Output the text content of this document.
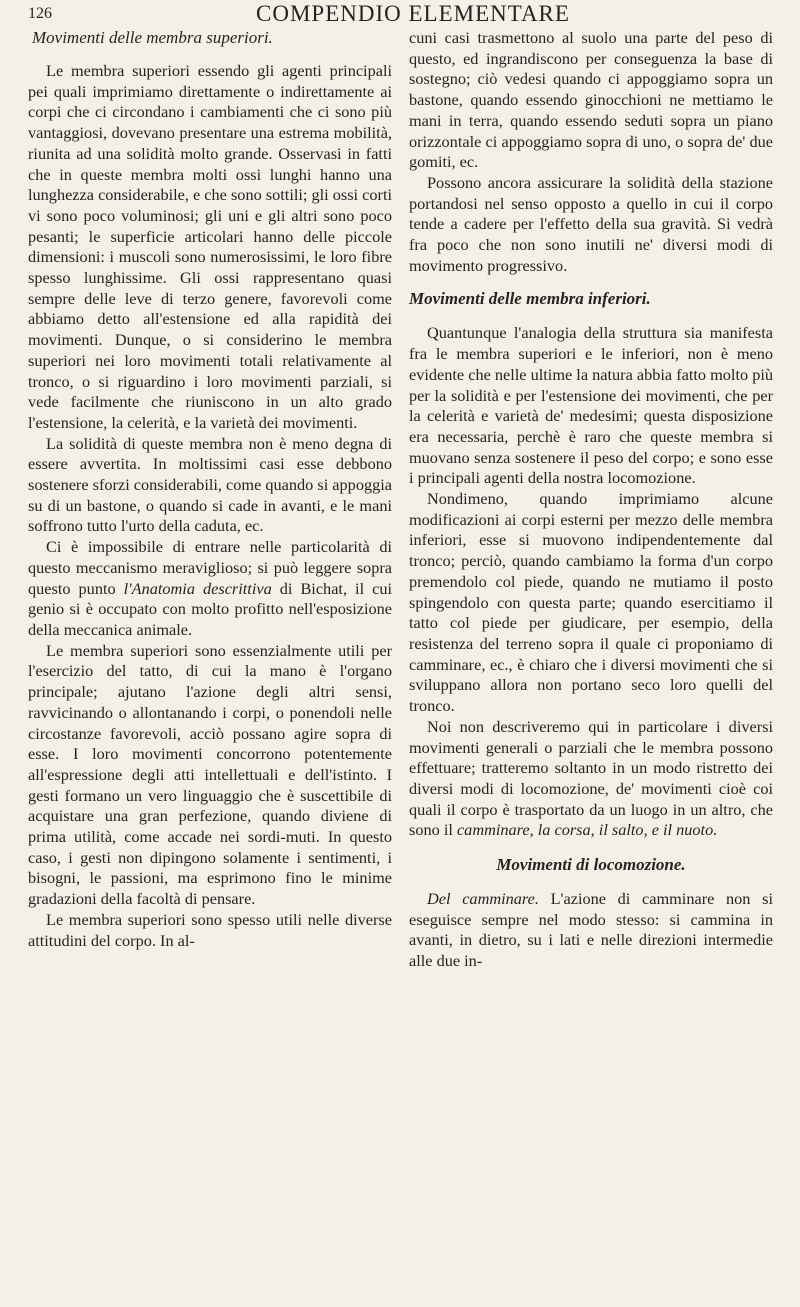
126	COMPENDIO ELEMENTARE
Movimenti delle membra superiori.

Le membra superiori essendo gli agenti principali pei quali imprimiamo direttamente o indirettamente ai corpi che ci circondano i cambiamenti che ci sono più vantaggiosi, dovevano presentare una estrema mobilità, riunita ad una solidità molto grande. Osservasi in fatti che in queste membra molti ossi lunghi hanno una lunghezza considerabile, e che sono sottili; gli ossi corti vi sono poco voluminosi; gli uni e gli altri sono poco pesanti; le superficie articolari hanno delle piccole dimensioni: i muscoli sono numerosissimi, le loro fibre spesso lunghissime. Gli ossi rappresentano quasi sempre delle leve di terzo genere, favorevoli come abbiamo detto all'estensione ed alla rapidità dei movimenti. Dunque, o si considerino le membra superiori nei loro movimenti totali relativamente al tronco, o si riguardino i loro movimenti parziali, si vede facilmente che riuniscono in un alto grado l'estensione, la celerità, e la varietà dei movimenti.

La solidità di queste membra non è meno degna di essere avvertita. In moltissimi casi esse debbono sostenere sforzi considerabili, come quando si appoggia su di un bastone, o quando si cade in avanti, e le mani soffrono tutto l'urto della caduta, ec.

Ci è impossibile di entrare nelle particolarità di questo meccanismo meraviglioso; si può leggere sopra questo punto l'Anatomia descrittiva di Bichat, il cui genio si è occupato con molto profitto nell'esposizione della meccanica animale.

Le membra superiori sono essenzialmente utili per l'esercizio del tatto, di cui la mano è l'organo principale; ajutano l'azione degli altri sensi, ravvicinando o allontanando i corpi, o ponendoli nelle circostanze favorevoli, acciò possano agire sopra di esse. I loro movimenti concorrono potentemente all'espressione degli atti intellettuali e dell'istinto. I gesti formano un vero linguaggio che è suscettibile di acquistare una gran perfezione, quando diviene di prima utilità, come accade nei sordi-muti. In questo caso, i gesti non dipingono solamente i sentimenti, i bisogni, le passioni, ma esprimono fino le minime gradazioni della facoltà di pensare.

Le membra superiori sono spesso utili nelle diverse attitudini del corpo. In al-

cuni casi trasmettono al suolo una parte del peso di questo, ed ingrandiscono per conseguenza la base di sostegno; ciò vedesi quando ci appoggiamo sopra un bastone, quando essendo ginocchioni ne mettiamo le mani in terra, quando essendo seduti sopra un piano orizzontale ci appoggiamo sopra di uno, o sopra de' due gomiti, ec.

Possono ancora assicurare la solidità della stazione portandosi nel senso opposto a quello in cui il corpo tende a cadere per l'effetto della sua gravità. Si vedrà fra poco che non sono inutili ne' diversi modi di movimento progressivo.

Movimenti delle membra inferiori.

Quantunque l'analogia della struttura sia manifesta fra le membra superiori e le inferiori, non è meno evidente che nelle ultime la natura abbia fatto molto più per la solidità e per l'estensione dei movimenti, che per la celerità e varietà de' medesimi; questa disposizione era necessaria, perchè è raro che queste membra si muovano senza sostenere il peso del corpo; e sono esse i principali agenti della nostra locomozione.

Nondimeno, quando imprimiamo alcune modificazioni ai corpi esterni per mezzo delle membra inferiori, esse si muovono indipendentemente dal tronco; perciò, quando cambiamo la forma d'un corpo premendolo col piede, quando ne mutiamo il posto spingendolo con questa parte; quando esercitiamo il tatto col piede per giudicare, per esempio, della resistenza del terreno sopra il quale ci proponiamo di camminare, ec., è chiaro che i diversi movimenti che si sviluppano allora non portano seco loro quelli del tronco.

Noi non descriveremo qui in particolare i diversi movimenti generali o parziali che le membra possono effettuare; tratteremo soltanto in un modo ristretto dei diversi modi di locomozione, de' movimenti cioè coi quali il corpo è trasportato da un luogo in un altro, che sono il camminare, la corsa, il salto, e il nuoto.

Movimenti di locomozione.

Del camminare. L'azione di camminare non si eseguisce sempre nel modo stesso: si cammina in avanti, in dietro, su i lati e nelle direzioni intermedie alle due in-
